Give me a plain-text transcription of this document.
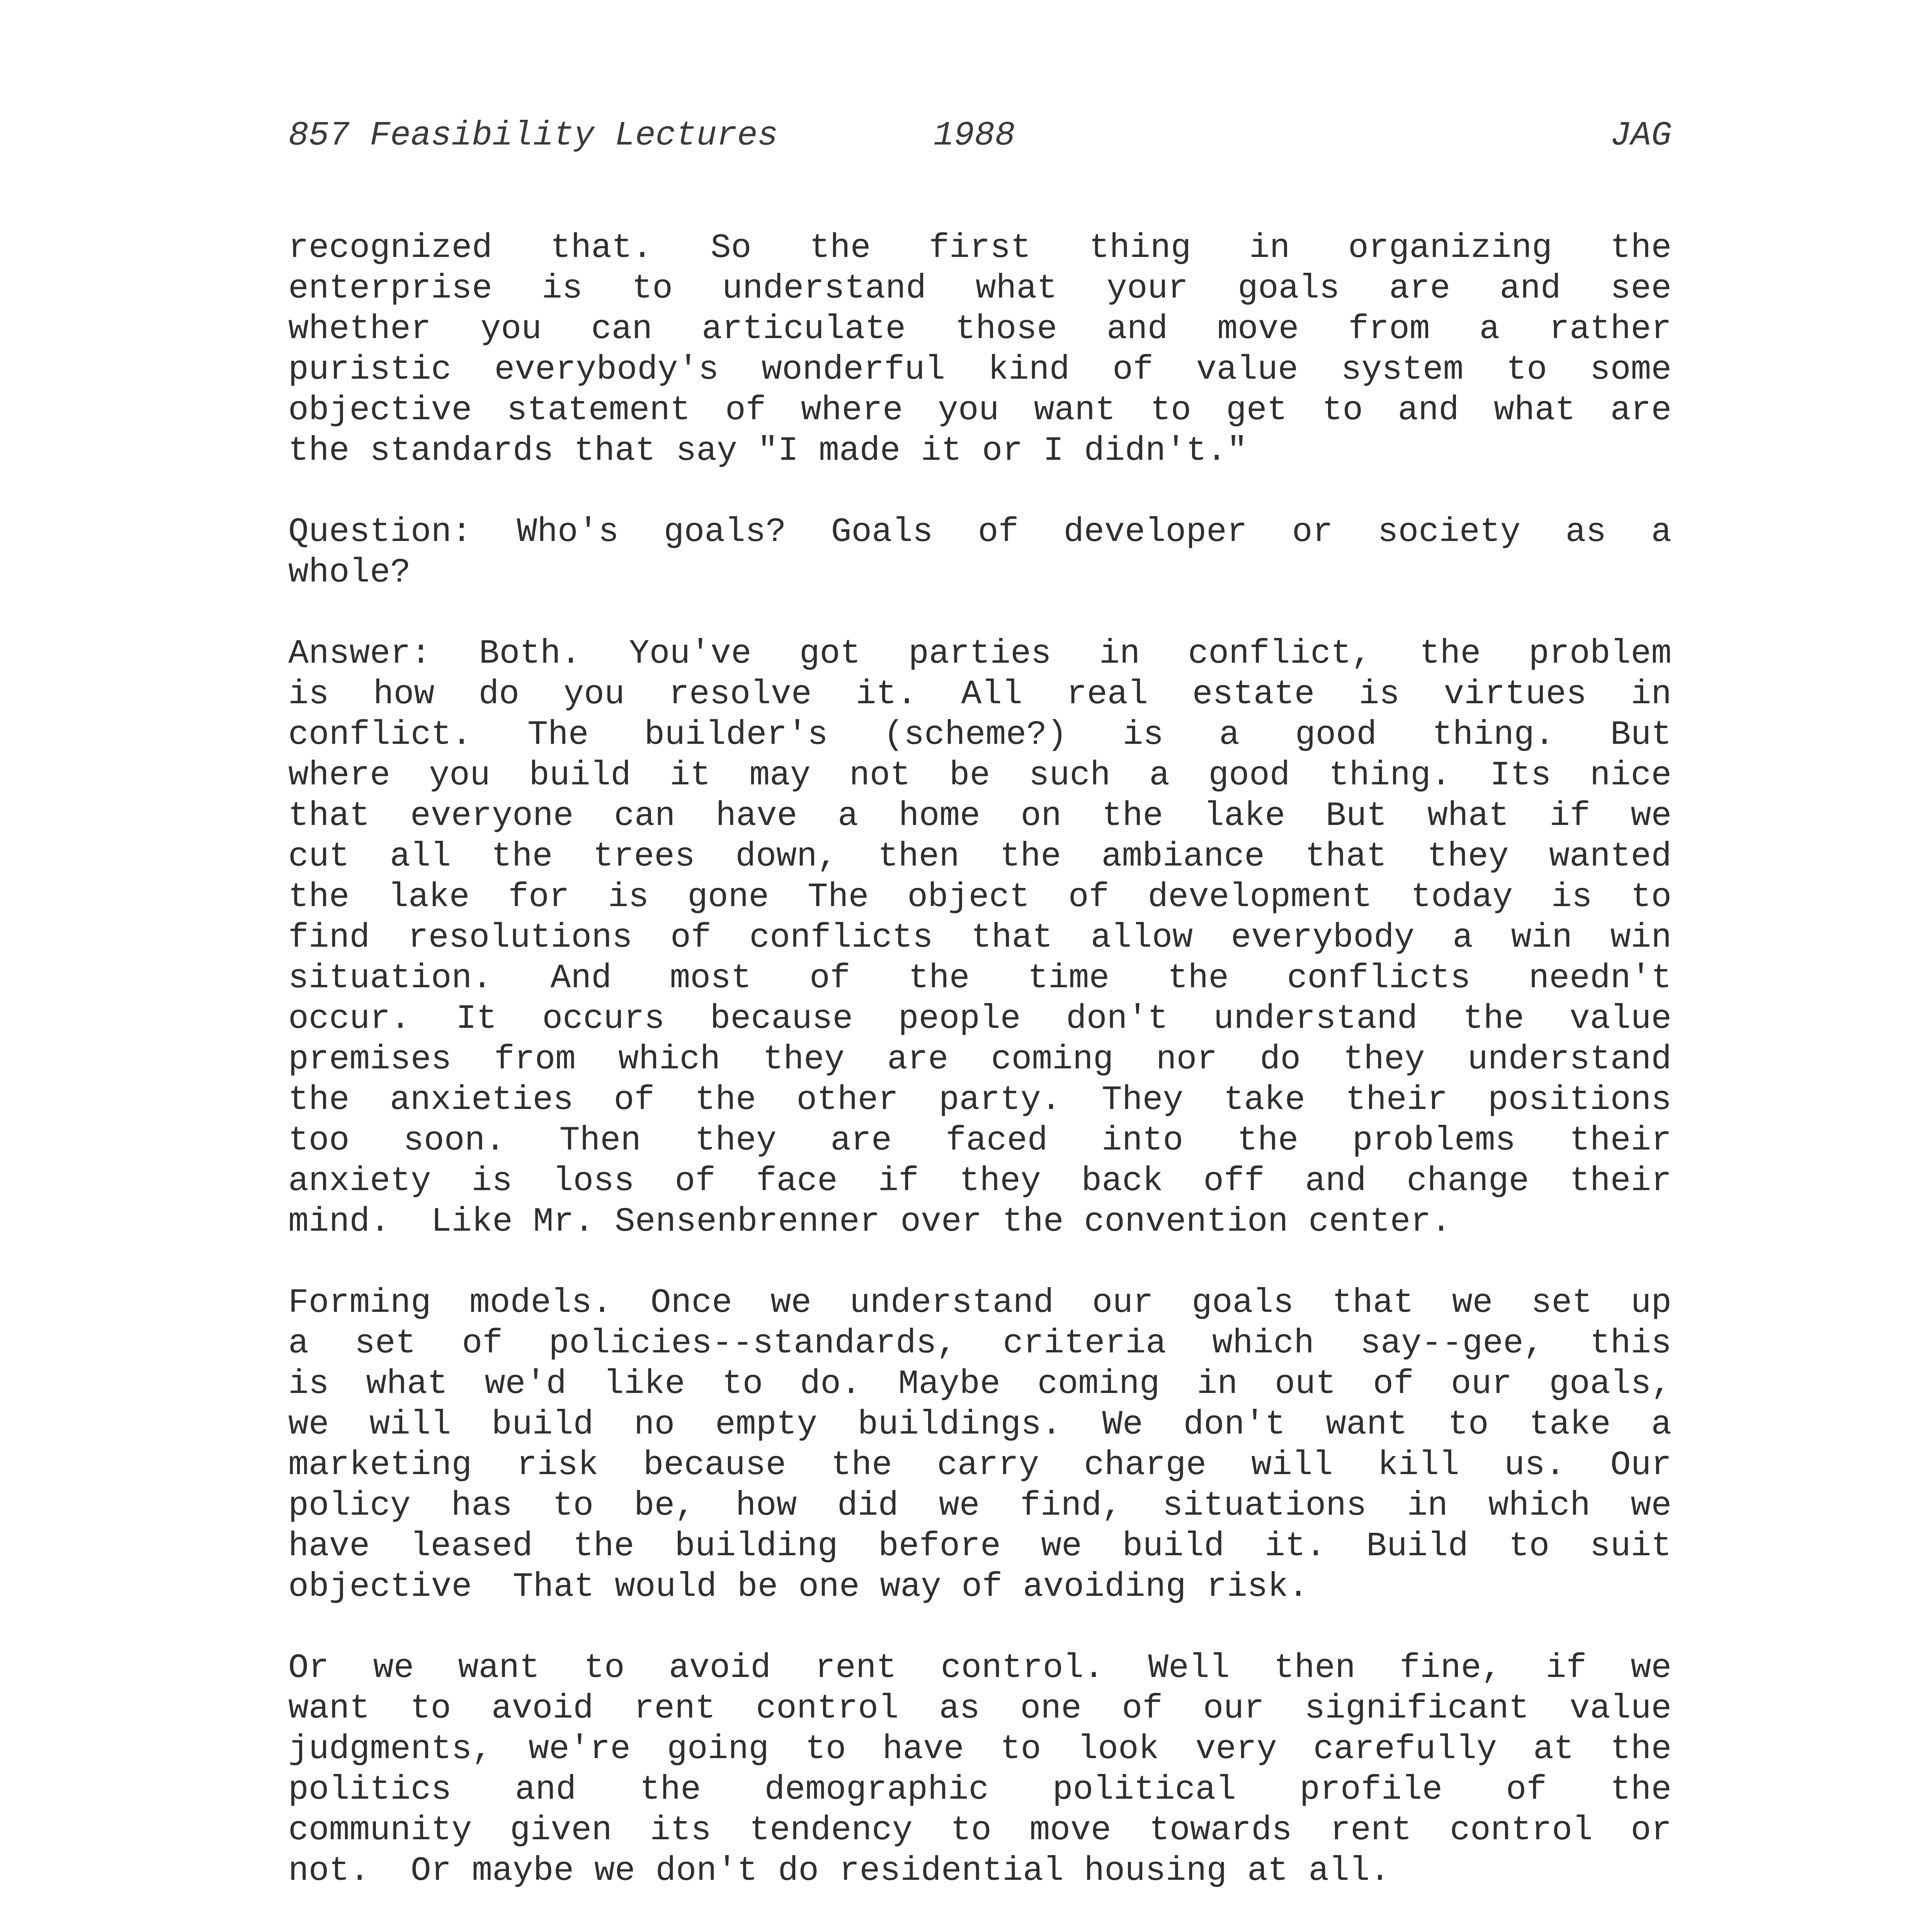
857 Feasibility Lectures

	1988

	JAG

recognized that. So the first thing in organizing the
enterprise is to understand what your goals are and see
whether you can articulate those and move from a rather
puristic everybody's wonderful kind of value system to some
objective statement of where you want to get to and what are
the standards that say "I made it or I didn't."
Question: Who's goals? Goals of developer or society as a
whole?
Answer: Both. You've got parties in conflict, the problem
is how do you resolve it. All real estate is virtues in
conflict. The builder's (scheme?) is a good thing. But
where you build it may not be such a good thing. Its nice
that everyone can have a home on the lake But what if we
cut all the trees down, then the ambiance that they wanted
the lake for is gone The object of development today is to
find resolutions of conflicts that allow everybody a win win
situation. And most of the time the conflicts needn't
occur. It occurs because people don't understand the value
premises from which they are coming nor do they understand
the anxieties of the other party. They take their positions
too soon. Then they are faced into the problems their
anxiety is loss of face if they back off and change their
mind.  Like Mr. Sensenbrenner over the convention center.
Forming models. Once we understand our goals that we set up
a set of policies--standards, criteria which say--gee, this
is what we'd like to do. Maybe coming in out of our goals,
we will build no empty buildings. We don't want to take a
marketing risk because the carry charge will kill us. Our
policy has to be, how did we find, situations in which we
have leased the building before we build it. Build to suit
objective  That would be one way of avoiding risk.
Or we want to avoid rent control. Well then fine, if we
want to avoid rent control as one of our significant value
judgments, we're going to have to look very carefully at the
politics and the demographic political profile of the
community given its tendency to move towards rent control or
not.  Or maybe we don't do residential housing at all.
